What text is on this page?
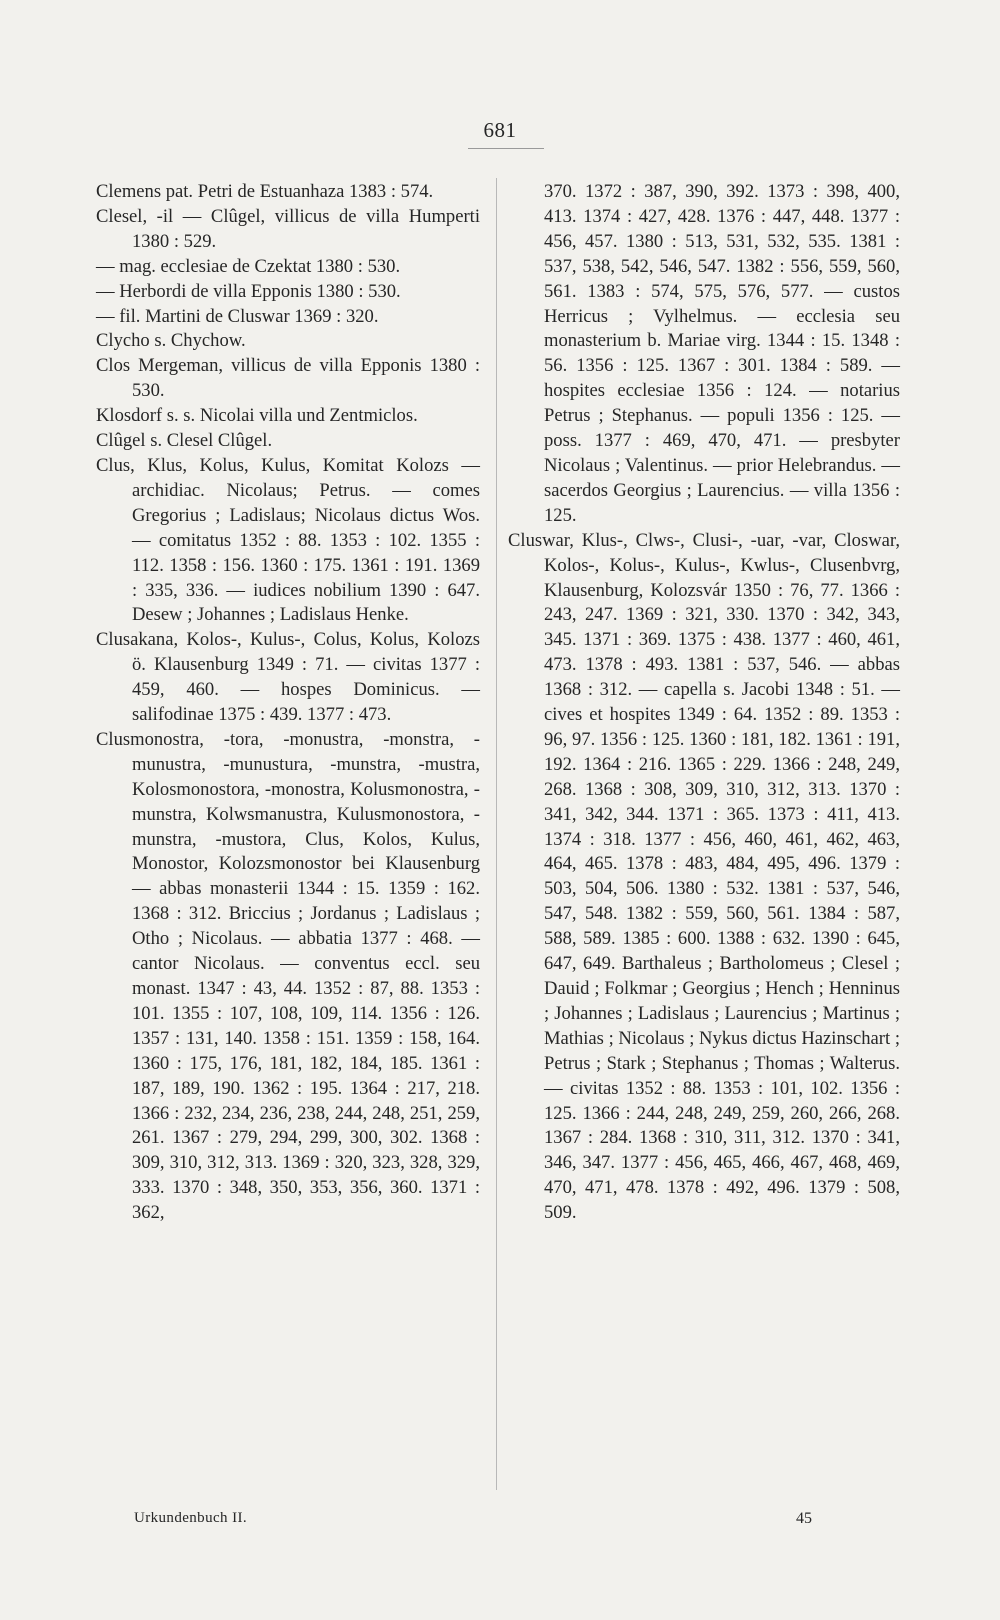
681

Clemens pat. Petri de Estuanhaza 1383 : 574.

Clesel, -il — Clûgel, villicus de villa Humperti 1380 : 529.

— mag. ecclesiae de Czektat 1380 : 530.

— Herbordi de villa Epponis 1380 : 530.

— fil. Martini de Cluswar 1369 : 320.

Clycho s. Chychow.

Clos Mergeman, villicus de villa Epponis 1380 : 530.

Klosdorf s. s. Nicolai villa und Zentmiclos.

Clûgel s. Clesel Clûgel.

Clus, Klus, Kolus, Kulus, Komitat Kolozs — archidiac. Nicolaus; Petrus. — comes Gregorius ; Ladislaus; Nicolaus dictus Wos. — comitatus 1352 : 88. 1353 : 102. 1355 : 112. 1358 : 156. 1360 : 175. 1361 : 191. 1369 : 335, 336. — iudices nobilium 1390 : 647. Desew ; Johannes ; Ladislaus Henke.

Clusakana, Kolos-, Kulus-, Colus, Kolus, Kolozs ö. Klausenburg 1349 : 71. — civitas 1377 : 459, 460. — hospes Dominicus. — salifodinae 1375 : 439. 1377 : 473.

Clusmonostra, -tora, -monustra, -monstra, -munustra, -munustura, -munstra, -mustra, Kolosmonostora, -monostra, Kolusmonostra, -munstra, Kolwsmanustra, Kulusmonostora, -munstra, -mustora, Clus, Kolos, Kulus, Monostor, Kolozsmonostor bei Klausenburg — abbas monasterii 1344 : 15. 1359 : 162. 1368 : 312. Briccius ; Jordanus ; Ladislaus ; Otho ; Nicolaus. — abbatia 1377 : 468. — cantor Nicolaus. — conventus eccl. seu monast. 1347 : 43, 44. 1352 : 87, 88. 1353 : 101. 1355 : 107, 108, 109, 114. 1356 : 126. 1357 : 131, 140. 1358 : 151. 1359 : 158, 164. 1360 : 175, 176, 181, 182, 184, 185. 1361 : 187, 189, 190. 1362 : 195. 1364 : 217, 218. 1366 : 232, 234, 236, 238, 244, 248, 251, 259, 261. 1367 : 279, 294, 299, 300, 302. 1368 : 309, 310, 312, 313. 1369 : 320, 323, 328, 329, 333. 1370 : 348, 350, 353, 356, 360. 1371 : 362,

370. 1372 : 387, 390, 392. 1373 : 398, 400, 413. 1374 : 427, 428. 1376 : 447, 448. 1377 : 456, 457. 1380 : 513, 531, 532, 535. 1381 : 537, 538, 542, 546, 547. 1382 : 556, 559, 560, 561. 1383 : 574, 575, 576, 577. — custos Herricus ; Vylhelmus. — ecclesia seu monasterium b. Mariae virg. 1344 : 15. 1348 : 56. 1356 : 125. 1367 : 301. 1384 : 589. — hospites ecclesiae 1356 : 124. — notarius Petrus ; Stephanus. — populi 1356 : 125. — poss. 1377 : 469, 470, 471. — presbyter Nicolaus ; Valentinus. — prior Helebrandus. — sacerdos Georgius ; Laurencius. — villa 1356 : 125.

Cluswar, Klus-, Clws-, Clusi-, -uar, -var, Closwar, Kolos-, Kolus-, Kulus-, Kwlus-, Clusenbvrg, Klausenburg, Kolozsvár 1350 : 76, 77. 1366 : 243, 247. 1369 : 321, 330. 1370 : 342, 343, 345. 1371 : 369. 1375 : 438. 1377 : 460, 461, 473. 1378 : 493. 1381 : 537, 546. — abbas 1368 : 312. — capella s. Jacobi 1348 : 51. — cives et hospites 1349 : 64. 1352 : 89. 1353 : 96, 97. 1356 : 125. 1360 : 181, 182. 1361 : 191, 192. 1364 : 216. 1365 : 229. 1366 : 248, 249, 268. 1368 : 308, 309, 310, 312, 313. 1370 : 341, 342, 344. 1371 : 365. 1373 : 411, 413. 1374 : 318. 1377 : 456, 460, 461, 462, 463, 464, 465. 1378 : 483, 484, 495, 496. 1379 : 503, 504, 506. 1380 : 532. 1381 : 537, 546, 547, 548. 1382 : 559, 560, 561. 1384 : 587, 588, 589. 1385 : 600. 1388 : 632. 1390 : 645, 647, 649. Barthaleus ; Bartholomeus ; Clesel ; Dauid ; Folkmar ; Georgius ; Hench ; Henninus ; Johannes ; Ladislaus ; Laurencius ; Martinus ; Mathias ; Nicolaus ; Nykus dictus Hazinschart ; Petrus ; Stark ; Stephanus ; Thomas ; Walterus. — civitas 1352 : 88. 1353 : 101, 102. 1356 : 125. 1366 : 244, 248, 249, 259, 260, 266, 268. 1367 : 284. 1368 : 310, 311, 312. 1370 : 341, 346, 347. 1377 : 456, 465, 466, 467, 468, 469, 470, 471, 478. 1378 : 492, 496. 1379 : 508, 509.

Urkundenbuch II.	45
